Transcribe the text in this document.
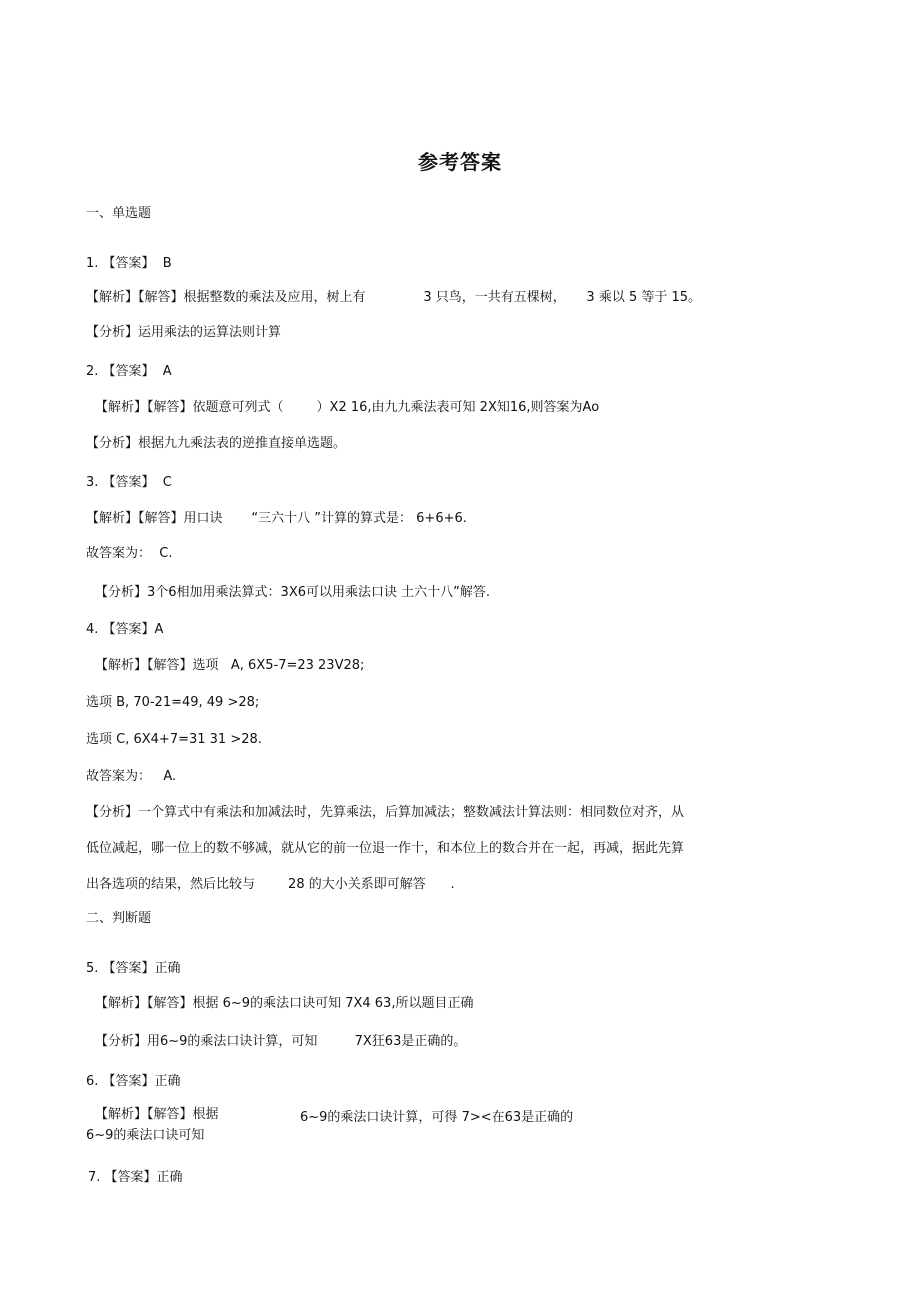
参考答案
一、单选题
1. 【答案】  B
【解析】【解答】根据整数的乘法及应用，树上有              3 只鸟，一共有五棵树，     3 乘以 5 等于 15。
【分析】运用乘法的运算法则计算
2. 【答案】  A
【解析】【解答】依题意可列式（        ）X2 16,由九九乘法表可知 2X知16,则答案为Ao
【分析】根据九九乘法表的逆推直接单选题。
3. 【答案】  C
【解析】【解答】用口诀       “三六十八 ”计算的算式是： 6+6+6.
故答案为：  C.
【分析】3个6相加用乘法算式：3X6可以用乘法口诀 土六十八”解答.
4. 【答案】A
【解析】【解答】选项   A, 6X5-7=23 23V28;
选项 B, 70-21=49, 49 >28;
选项 C, 6X4+7=31 31 >28.
故答案为：   A.
【分析】一个算式中有乘法和加减法时，先算乘法，后算加减法；整数减法计算法则：相同数位对齐，从
低位减起，哪一位上的数不够减，就从它的前一位退一作十，和本位上的数合并在一起，再减，据此先算
出各选项的结果，然后比较与        28 的大小关系即可解答      .
二、判断题
5. 【答案】正确
【解析】【解答】根据 6~9的乘法口诀可知 7X4 63,所以题目正确
【分析】用6~9的乘法口诀计算，可知         7X狂63是正确的。
6. 【答案】正确
【解析】【解答】根据	6~9的乘法口诀计算，可得 7><在63是正确的
6~9的乘法口诀可知
7. 【答案】正确
